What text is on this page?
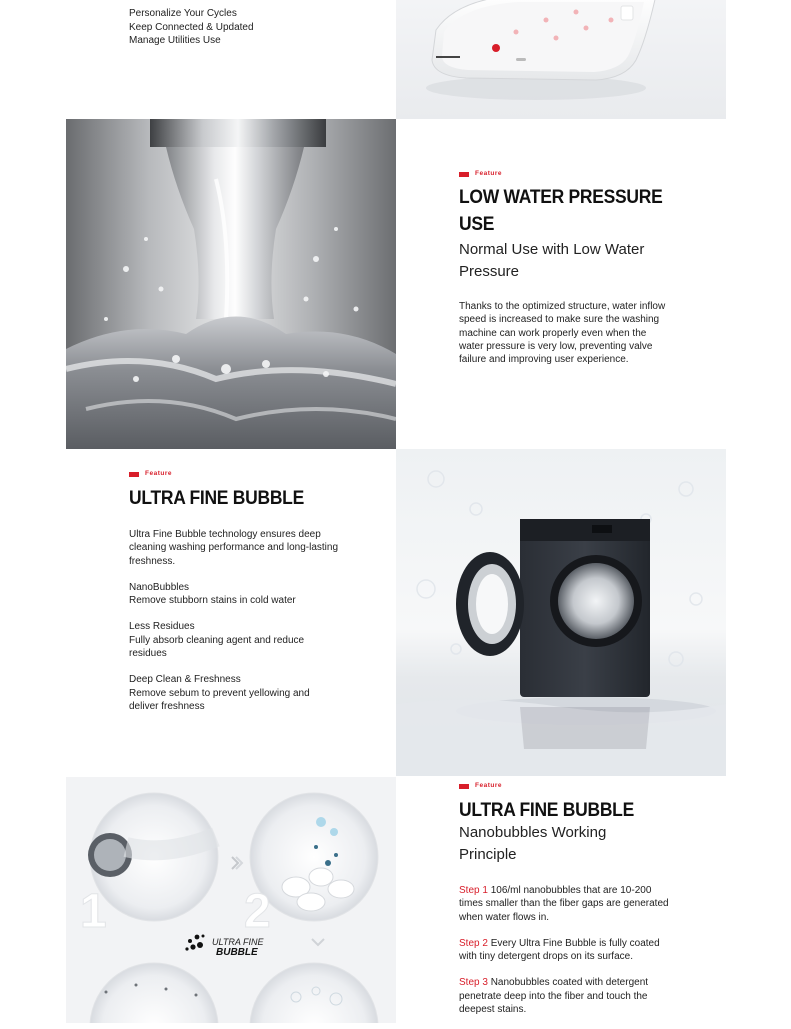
Personalize Your Cycles
Keep Connected & Updated
Manage Utilities Use
Feature
LOW WATER PRESSURE
USE
Normal Use with Low Water
Pressure
Thanks to the optimized structure, water inflow speed is increased to make sure the washing machine can work properly even when the water pressure is very low, preventing valve failure and improving user experience.
Feature
ULTRA FINE BUBBLE

Ultra Fine Bubble technology ensures deep cleaning washing performance and long-lasting freshness.

NanoBubbles
Remove stubborn stains in cold water

Less Residues
Fully absorb cleaning agent and reduce residues

Deep Clean & Freshness
Remove sebum to prevent yellowing and deliver freshness

1	2
ULTRA FINE
BUBBLE
Feature
ULTRA FINE BUBBLE
Nanobubbles Working
Principle

Step 1 106/ml nanobubbles that are 10-200 times smaller than the fiber gaps are generated when water flows in.

Step 2 Every Ultra Fine Bubble is fully coated with tiny detergent drops on its surface.

Step 3 Nanobubbles coated with detergent penetrate deep into the fiber and touch the deepest stains.
